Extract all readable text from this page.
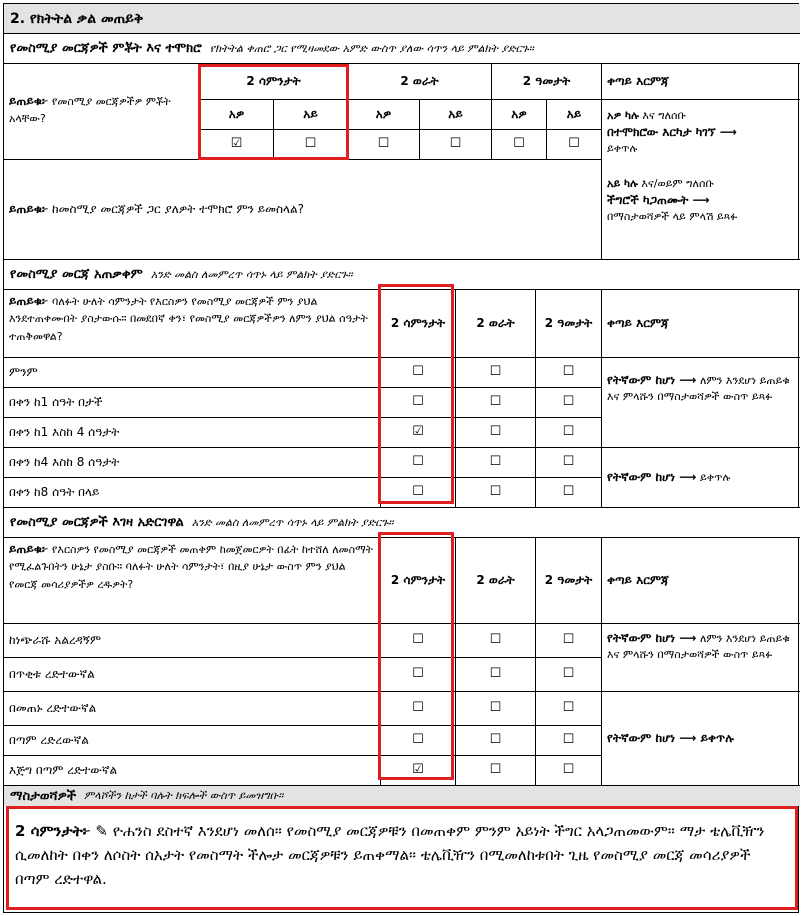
2. የክትትል ቃል መጠይቅ
የመስሚያ መርጃዎች ምቾት እና ተሞክሮ የክትትል ቀጠሮ ጋር የሚዛመደው አምድ ውስጥ ያለው ሳጥን ላይ ምልክት ያድርጉ።
ይጠይቁ፦ የመስሚያ መርጃዎችዎ ምቾት አላቸው?
2 ሳምንታት	2 ወራት	2 ዓመታት	ቀጣይ እርምጃ
አዎ	አይ	አዎ	አይ	አዎ	አይ
☑	☐	☐	☐	☐	☐
አዎ ካሉ እና ግለሰቡ
በተሞክሮው እርካታ ካገኘ ⟶
ይቀጥሉ
ይጠይቁ፦ ከመስሚያ መርጃዎች ጋር ያለዎት ተሞክሮ ምን ይመስላል?
አይ ካሉ እና/ወይም ግለሰቡ
ችግሮች ካጋጠሙት ⟶
በማስታወሻዎች ላይ ምላሽ ይጻፉ
የመስሚያ መርጃ አጠቃቀም አንድ መልስ ለመምረጥ ሳጥኑ ላይ ምልክት ያድርጉ።
ይጠይቁ፦ ባለፉት ሁለት ሳምንታት የእርስዎን የመስሚያ መርጃዎች ምን ያህል እንደተጠቀሙበት ያስታውሱ። በመደበኛ ቀን፣ የመስሚያ መርጃዎችዎን ለምን ያህል ሰዓታት ተጠቅመዋል?
2 ሳምንታት	2 ወራት	2 ዓመታት	ቀጣይ እርምጃ
ምንም	☐	☐	☐
በቀን ከ1 ሰዓት በታች	☐	☐	☐
በቀን ከ1 እስከ 4 ሰዓታት	☑	☐	☐
በቀን ከ4 እስከ 8 ሰዓታት	☐	☐	☐
በቀን ከ8 ሰዓት በላይ	☐	☐	☐
የትኛውም ከሆነ ⟶ ለምን እንደሆነ ይጠይቁ እና ምላሹን በማስታወሻዎች ውስጥ ይጻፉ
የትኛውም ከሆነ ⟶ ይቀጥሉ
የመስሚያ መርጃዎች እገዛ አድርገዋል አንድ መልስ ለመምረጥ ሳጥኑ ላይ ምልክት ያድርጉ።
ይጠይቁ፦ የእርስዎን የመስሚያ መርጃዎች መጠቀም ከመጀመርዎት በፊት ከተሸለ ለመስማት የሚፈልጉበትን ሁኔታ ያስቡ። ባለፉት ሁለት ሳምንታት፣ በዚያ ሁኔታ ውስጥ ምን ያህል የመርጃ መሳሪያዎችዎ ረዱዎት?	2 ሳምንታት	2 ወራት	2 ዓመታት	ቀጣይ እርምጃ
ከነጭራሹ አልረዳኝም	☐	☐	☐
በጥቂቱ ረድተውኛል	☐	☐	☐
በመጠኑ ረድተውኛል	☐	☐	☐
በጣም ረድረውኛል	☐	☐	☐
እጅግ በጣም ረድተውኛል	☑	☐	☐
የትኛውም ከሆነ ⟶ ለምን እንደሆነ ይጠይቁ እና ምላሹን በማስታወሻዎች ውስጥ ይጻፉ
የትኛውም ከሆነ ⟶ ይቀጥሉ
ማስታወሻዎች ምላሾችን ከታች ባሉት ክፍሎች ውስጥ ይመዝግቡ።
2 ሳምንታት፦ ✎ ዮሐንስ ደስተኛ እንደሆነ መለሰ። የመስሚያ መርጃዎቹን በመጠቀም ምንም አይነት ችግር አላጋጠመውም። ማታ ቴሌቪዥን ሲመለከት በቀን ለሶስት ሰአታት የመስማት ችሎታ መርጃዎቹን ይጠቀማል። ቴሌቪዥን በሚመለከቱበት ጊዜ የመስሚያ መርጃ መሳሪያዎች በጣም ረድተዋል.
